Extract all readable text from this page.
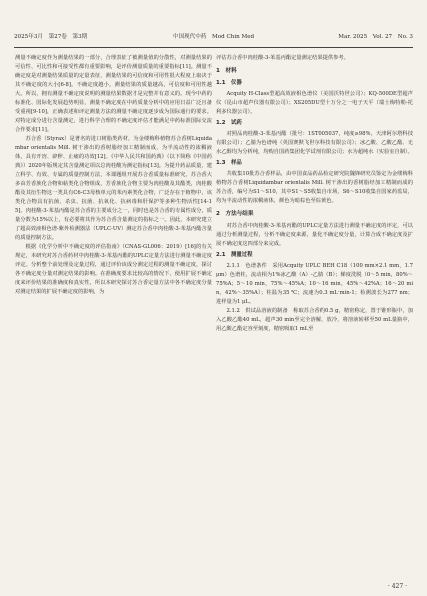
2025年3月　第27卷　第3期	中国现代中药　Mod Chin Med	Mar. 2025　Vol. 27　No. 3

测量不确定度作为测量结果的一部分，合理表征了被测量值的分散性，对测量结果的可信性、可比性和可接受性都有重要影响，是评价测量质量的重要指标[11]。测量不确定度是对测量结果质量的定量表征，测量结果的可信度和可用性很大程度上取决于其不确定度的大小[6-8]。不确定度越小，测量结果的质量越高，可信度和可用性越大。所以，拥有测量不确定度说明的测量结果数据才是完整并有意义的。现今中药的标准化、国际化发展趋势明显，测量不确定度在中药质量分析中的应用日益广泛且备受重视[9-10]，正确表述和评定测量方法的测量不确定度逐步成为国际通行的要求。对特定成分进行含量测定，进行科学合理的不确定度评估才能满足中药标准国际交流合作要求[11]。

苏合香（Styrax）是著名的进口树脂类药材，为金缕梅科植物苏合香树Liquidambar orientalis Mill. 树干渗出的香树脂经加工精制而成，为半流动性的浓稠液体，具有开窍、辟秽、止痛的功效[12]。《中华人民共和国药典》（以下简称《中国药典》）2020年版规定其含量测定项以总肉桂酸为测定指标[13]。为提升药品质量，建立科学、有效、专属的质量控制方法，本课题组开展苏合香质量标准研究。苏合香大多由芳香族化合物和萜类化合物组成，芳香族化合物主要为肉桂酸及其酯类，肉桂酸酯及其衍生物这一类具有C6-C3母核单元的苯丙素类化合物，广泛存在于植物中，该类化合物具有抗菌、杀虫、抗菌、抗氧化、抗病毒和肝保护等多种生物活性[14-15]。肉桂酸-3-苯基丙酯是苏合香的主要成分之一，同时也是苏合香的专属性成分，质量分数为15%以上，有必要将其作为苏合香含量测定的指标之一。因此，本研究建立了超高效液相色谱-紫外检测器法（UPLC-UV）测定苏合香中肉桂酸-3-苯基丙酯含量的质量控制方法。

根据《化学分析中不确定度的评估指南》（CNAS-GL006：2019）[16]的有关规定，本研究对苏合香药材中肉桂酸-3-苯基丙酯的UPLC定量方法进行测量不确定度评定。分析整个前处理及定量过程，通过评价该成分测定过程的测量不确定度，探讨各不确定度分量对测定结果的影响。在准确度要求比较高的情况下，使用扩展不确定度来评价结果的准确度和真实性，所以本研究探讨苏合香定量方法中各不确定度分量对测定结果的扩展不确定度的影响，为

评估苏合香中肉桂酸-3-苯基丙酯定量测定结果提供参考。

1　材料
1.1　仪器

Acquity H-Class型超高效液相色谱仪（美国沃特世公司）；KQ-500DE型超声仪（昆山市超声仪器有限公司）；XS205DU型十万分之一电子天平（瑞士梅特勒-托利多仪器公司）。

1.2　试药

对照品肉桂酸-3-苯基丙酯（批号：1ST005037，纯度≥98%，天津阿尔塔科技有限公司）；乙腈为色谱纯（英国赛默飞世尔科技有限公司）；冰乙酸、乙酸乙酯、无水乙醇均为分析纯，均购自国药集团化学试剂有限公司；水为超纯水（实验室自制）。

1.3　样品

共收集10批苏合香样品，由中国食品药品检定研究院魏锋研究员鉴定为金缕梅科植物苏合香树Liquidambar orientalis Mill. 树干渗出的香树脂经加工精制而成的苏合香，编号为S1～S10，其中S1～S5收集自市场，S6～S10收集自国家药监局，均为半流动性的浓稠液体，颜色为暗棕色至棕黄色。

2　方法与结果

对苏合香中肉桂酸-3-苯基丙酯的UPLC定量方法进行测量不确定度的评定，可以通过分析测量过程，分析不确定度来源，量化不确定度分量，计算合成不确定度及扩展不确定度这四部分来完成。

2.1　测量过程

2.1.1　色谱条件　采用Acquity UPLC BEH C18（100 mm×2.1 mm，1.7 μm）色谱柱，流动相为1%冰乙酸（A）-乙腈（B）；梯度洗脱（0～5 min，80%～75%A；5～10 min，75%～45%A；10～16 min，45%～42%A；16～20 min，42%～35%A）；柱温为35 ℃；流速为0.3 mL·min-1；检测波长为277 nm；进样量为1 μL。

2.1.2　供试品溶液的制备　称取苏合香约0.5 g，精密称定，置于锥形瓶中，加入乙酸乙酯40 mL，超声30 min至完全溶解，放冷，将溶液转移至50 mL量瓶中，用乙酸乙酯定容至刻度，精密吸取1 mL至

· 427 ·
